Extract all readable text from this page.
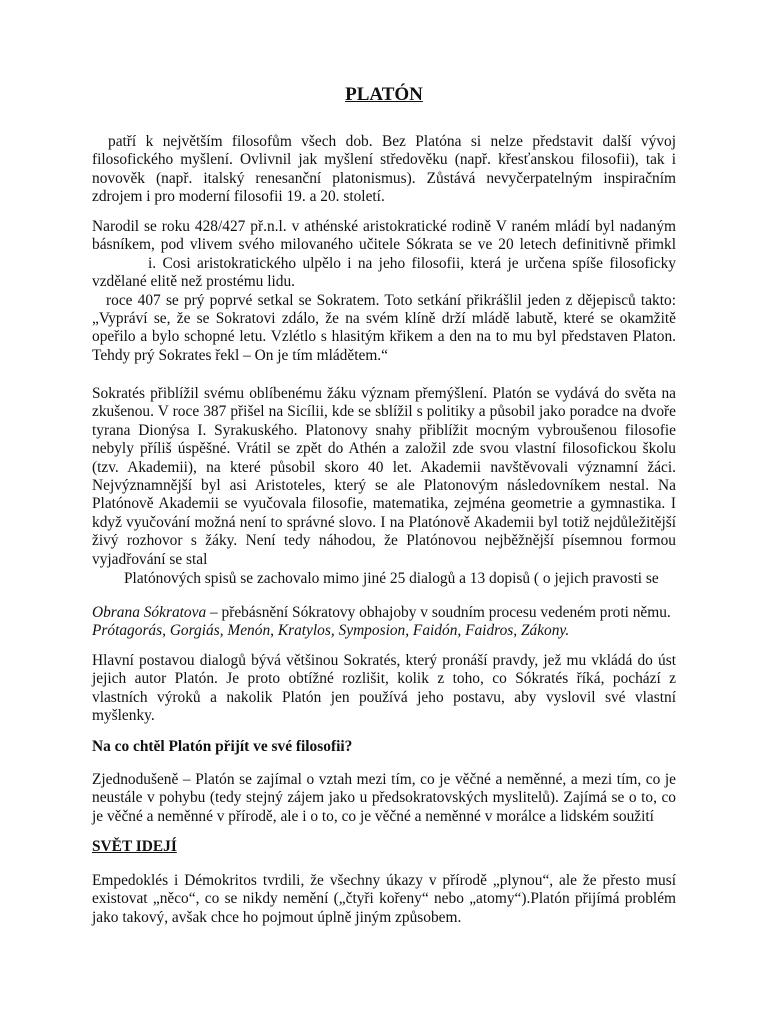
PLATÓN

patří k největším filosofům všech dob. Bez Platóna si nelze představit další vývoj
filosofického myšlení. Ovlivnil jak myšlení středověku (např. křesťanskou filosofii), tak i
novověk (např. italský renesanční platonismus). Zůstává nevyčerpatelným inspiračním
zdrojem i pro moderní filosofii 19. a 20. století.

Narodil se roku 428/427 př.n.l. v athénské aristokratické rodině V raném mládí byl nadaným
básníkem, pod vlivem svého milovaného učitele Sókrata se ve 20 letech definitivně přimkl
i. Cosi aristokratického ulpělo i na jeho filosofii, která je určena spíše filosoficky
vzdělané elitě než prostému lidu.
roce 407 se prý poprvé setkal se Sokratem. Toto setkání přikrášlil jeden z dějepisců takto:
„Vypráví se, že se Sokratovi zdálo, že na svém klíně drží mládě labutě, které se okamžitě
opeřilo a bylo schopné letu. Vzlétlo s hlasitým křikem a den na to mu byl představen Platon.
Tehdy prý Sokrates řekl – On je tím mládětem.“

Sokratés přiblížil svému oblíbenému žáku význam přemýšlení. Platón se vydává do světa na
zkušenou. V roce 387 přišel na Sicílii, kde se sblížil s politiky a působil jako poradce na dvoře
tyrana Dionýsa I. Syrakuského. Platonovy snahy přiblížit mocným vybroušenou filosofie
nebyly příliš úspěšné. Vrátil se zpět do Athén a založil zde svou vlastní filosofickou školu
(tzv. Akademii), na které působil skoro 40 let. Akademii navštěvovali významní žáci.
Nejvýznamnější byl asi Aristoteles, který se ale Platonovým následovníkem nestal. Na
Platónově Akademii se vyučovala filosofie, matematika, zejména geometrie a gymnastika. I
když vyučování možná není to správné slovo. I na Platónově Akademii byl totiž nejdůležitější
živý rozhovor s žáky. Není tedy náhodou, že Platónovou nejběžnější písemnou formou
vyjadřování se stal

Platónových spisů se zachovalo mimo jiné 25 dialogů a 13 dopisů ( o jejich pravosti se

Obrana Sókratova – přebásnění Sókratovy obhajoby v soudním procesu vedeném proti němu.
Prótagorás, Gorgiás, Menón, Kratylos, Symposion, Faidón, Faidros, Zákony.

Hlavní postavou dialogů bývá většinou Sokratés, který pronáší pravdy, jež mu vkládá do úst
jejich autor Platón. Je proto obtížné rozlišit, kolik z toho, co Sókratés říká, pochází z
vlastních výroků a nakolik Platón jen používá jeho postavu, aby vyslovil své vlastní
myšlenky.

Na co chtěl Platón přijít ve své filosofii?

Zjednodušeně – Platón se zajímal o vztah mezi tím, co je věčné a neměnné, a mezi tím, co je
neustále v pohybu (tedy stejný zájem jako u předsokratovských myslitelů). Zajímá se o to, co
je věčné a neměnné v přírodě, ale i o to, co je věčné a neměnné v morálce a lidském soužití

SVĚT IDEJÍ

Empedoklés i Démokritos tvrdili, že všechny úkazy v přírodě „plynou“, ale že přesto musí
existovat „něco“, co se nikdy nemění („čtyři kořeny“ nebo „atomy“).Platón přijímá problém
jako takový, avšak chce ho pojmout úplně jiným způsobem.
